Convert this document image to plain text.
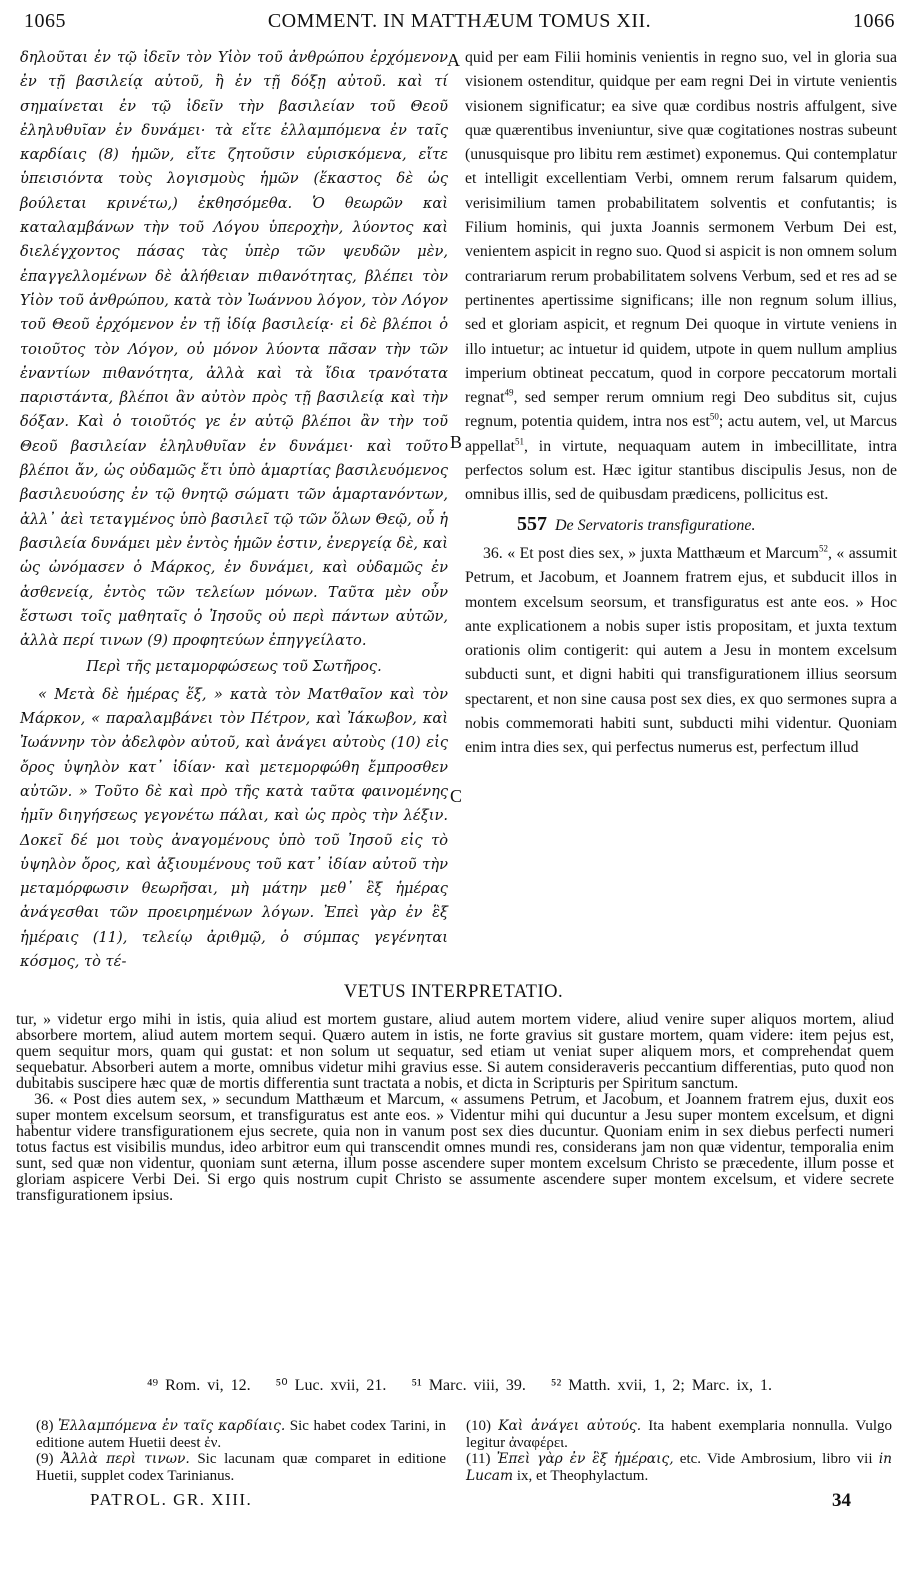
1065	COMMENT. IN MATTHÆUM TOMUS XII.	1066
A
B
C

δηλοῦται ἐν τῷ ἰδεῖν τὸν Υἱὸν τοῦ ἀνθρώπου ἐρχόμενον ἐν τῇ βασιλείᾳ αὐτοῦ, ἢ ἐν τῇ δόξῃ αὐτοῦ. καὶ τί σημαίνεται ἐν τῷ ἰδεῖν τὴν βασιλείαν τοῦ Θεοῦ ἐληλυθυῖαν ἐν δυνάμει· τὰ εἴτε ἐλλαμπόμενα ἐν ταῖς καρδίαις (8) ἡμῶν, εἴτε ζητοῦσιν εὑρισκόμενα, εἴτε ὑπεισιόντα τοὺς λογισμοὺς ἡμῶν (ἕκαστος δὲ ὡς βούλεται κρινέτω,) ἐκθησόμεθα. Ὁ θεωρῶν καὶ καταλαμβάνων τὴν τοῦ Λόγου ὑπεροχὴν, λύοντος καὶ διελέγχοντος πάσας τὰς ὑπὲρ τῶν ψευδῶν μὲν, ἐπαγγελλομένων δὲ ἀλήθειαν πιθανότητας, βλέπει τὸν Υἱὸν τοῦ ἀνθρώπου, κατὰ τὸν Ἰωάννου λόγον, τὸν Λόγον τοῦ Θεοῦ ἐρχόμενον ἐν τῇ ἰδίᾳ βασιλείᾳ· εἰ δὲ βλέποι ὁ τοιοῦτος τὸν Λόγον, οὐ μόνον λύοντα πᾶσαν τὴν τῶν ἐναντίων πιθανότητα, ἀλλὰ καὶ τὰ ἴδια τρανότατα παριστάντα, βλέποι ἂν αὐτὸν πρὸς τῇ βασιλείᾳ καὶ τὴν δόξαν. Καὶ ὁ τοιοῦτός γε ἐν αὐτῷ βλέποι ἂν τὴν τοῦ Θεοῦ βασιλείαν ἐληλυθυῖαν ἐν δυνάμει· καὶ τοῦτο βλέποι ἄν, ὡς οὐδαμῶς ἔτι ὑπὸ ἁμαρτίας βασιλευόμενος βασιλευούσης ἐν τῷ θνητῷ σώματι τῶν ἁμαρτανόντων, ἀλλ᾽ ἀεὶ τεταγμένος ὑπὸ βασιλεῖ τῷ τῶν ὅλων Θεῷ, οὗ ἡ βασιλεία δυνάμει μὲν ἐντὸς ἡμῶν ἐστιν, ἐνεργείᾳ δὲ, καὶ ὡς ὠνόμασεν ὁ Μάρκος, ἐν δυνάμει, καὶ οὐδαμῶς ἐν ἀσθενείᾳ, ἐντὸς τῶν τελείων μόνων. Ταῦτα μὲν οὖν ἔστωσι τοῖς μαθηταῖς ὁ Ἰησοῦς οὐ περὶ πάντων αὐτῶν, ἀλλὰ περί τινων (9) προφητεύων ἐπηγγείλατο.

Περὶ τῆς μεταμορφώσεως τοῦ Σωτῆρος.

« Μετὰ δὲ ἡμέρας ἕξ, » κατὰ τὸν Ματθαῖον καὶ τὸν Μάρκον, « παραλαμβάνει τὸν Πέτρον, καὶ Ἰάκωβον, καὶ Ἰωάννην τὸν ἀδελφὸν αὐτοῦ, καὶ ἀνάγει αὐτοὺς (10) εἰς ὄρος ὑψηλὸν κατ᾽ ἰδίαν· καὶ μετεμορφώθη ἔμπροσθεν αὐτῶν. » Τοῦτο δὲ καὶ πρὸ τῆς κατὰ ταῦτα φαινομένης ἡμῖν διηγήσεως γεγονέτω πάλαι, καὶ ὡς πρὸς τὴν λέξιν. Δοκεῖ δέ μοι τοὺς ἀναγομένους ὑπὸ τοῦ Ἰησοῦ εἰς τὸ ὑψηλὸν ὄρος, καὶ ἀξιουμένους τοῦ κατ᾽ ἰδίαν αὐτοῦ τὴν μεταμόρφωσιν θεωρῆσαι, μὴ μάτην μεθ᾽ ἓξ ἡμέρας ἀνάγεσθαι τῶν προειρημένων λόγων. Ἐπεὶ γὰρ ἐν ἓξ ἡμέραις (11), τελείῳ ἀριθμῷ, ὁ σύμπας γεγένηται κόσμος, τὸ τέ-

quid per eam Filii hominis venientis in regno suo, vel in gloria sua visionem ostenditur, quidque per eam regni Dei in virtute venientis visionem significatur; ea sive quæ cordibus nostris affulgent, sive quæ quærentibus inveniuntur, sive quæ cogitationes nostras subeunt (unusquisque pro libitu rem æstimet) exponemus. Qui contemplatur et intelligit excellentiam Verbi, omnem rerum falsarum quidem, verisimilium tamen probabilitatem solventis et confutantis; is Filium hominis, qui juxta Joannis sermonem Verbum Dei est, venientem aspicit in regno suo. Quod si aspicit is non omnem solum contrariarum rerum probabilitatem solvens Verbum, sed et res ad se pertinentes apertissime significans; ille non regnum solum illius, sed et gloriam aspicit, et regnum Dei quoque in virtute veniens in illo intuetur; ac intuetur id quidem, utpote in quem nullum amplius imperium obtineat peccatum, quod in corpore peccatorum mortali regnat$^{49}$, sed semper rerum omnium regi Deo subditus sit, cujus regnum, potentia quidem, intra nos est$^{50}$; actu autem, vel, ut Marcus appellat$^{51}$, in virtute, nequaquam autem in imbecillitate, intra perfectos solum est. Hæc igitur stantibus discipulis Jesus, non de omnibus illis, sed de quibusdam prædicens, pollicitus est.

557 De Servatoris transfiguratione.

36. « Et post dies sex, » juxta Matthæum et Marcum$^{52}$, « assumit Petrum, et Jacobum, et Joannem fratrem ejus, et subducit illos in montem excelsum seorsum, et transfiguratus est ante eos. » Hoc ante explicationem a nobis super istis propositam, et juxta textum orationis olim contigerit: qui autem a Jesu in montem excelsum subducti sunt, et digni habiti qui transfigurationem illius seorsum spectarent, et non sine causa post sex dies, ex quo sermones supra a nobis commemorati habiti sunt, subducti mihi videntur. Quoniam enim intra dies sex, qui perfectus numerus est, perfectum illud

VETUS INTERPRETATIO.

tur, » videtur ergo mihi in istis, quia aliud est mortem gustare, aliud autem mortem videre, aliud venire super aliquos mortem, aliud absorbere mortem, aliud autem mortem sequi. Quæro autem in istis, ne forte gravius sit gustare mortem, quam videre: item pejus est, quem sequitur mors, quam qui gustat: et non solum ut sequatur, sed etiam ut veniat super aliquem mors, et comprehendat quem sequebatur. Absorberi autem a morte, omnibus videtur mihi gravius esse. Si autem consideraveris peccantium differentias, puto quod non dubitabis suscipere hæc quæ de mortis differentia sunt tractata a nobis, et dicta in Scripturis per Spiritum sanctum.

36. « Post dies autem sex, » secundum Matthæum et Marcum, « assumens Petrum, et Jacobum, et Joannem fratrem ejus, duxit eos super montem excelsum seorsum, et transfiguratus est ante eos. » Videntur mihi qui ducuntur a Jesu super montem excelsum, et digni habentur videre transfigurationem ejus secrete, quia non in vanum post sex dies ducuntur. Quoniam enim in sex diebus perfecti numeri totus factus est visibilis mundus, ideo arbitror eum qui transcendit omnes mundi res, considerans jam non quæ videntur, temporalia enim sunt, sed quæ non videntur, quoniam sunt æterna, illum posse ascendere super montem excelsum Christo se præcedente, illum posse et gloriam aspicere Verbi Dei. Si ergo quis nostrum cupit Christo se assumente ascendere super montem excelsum, et videre secrete transfigurationem ipsius.

⁴⁹ Rom. vi, 12. ⁵⁰ Luc. xvii, 21. ⁵¹ Marc. viii, 39. ⁵² Matth. xvii, 1, 2; Marc. ix, 1.

(8) Ἐλλαμπόμενα ἐν ταῖς καρδίαις. Sic habet codex Tarini, in editione autem Huetii deest ἐν.

(9) Ἀλλὰ περὶ τινων. Sic lacunam quæ comparet in editione Huetii, supplet codex Tarinianus.

(10) Καὶ ἀνάγει αὐτούς. Ita habent exemplaria nonnulla. Vulgo legitur ἀναφέρει.

(11) Ἐπεὶ γὰρ ἐν ἓξ ἡμέραις, etc. Vide Ambrosium, libro vii in Lucam ix, et Theophylactum.

PATROL. GR. XIII.	34
